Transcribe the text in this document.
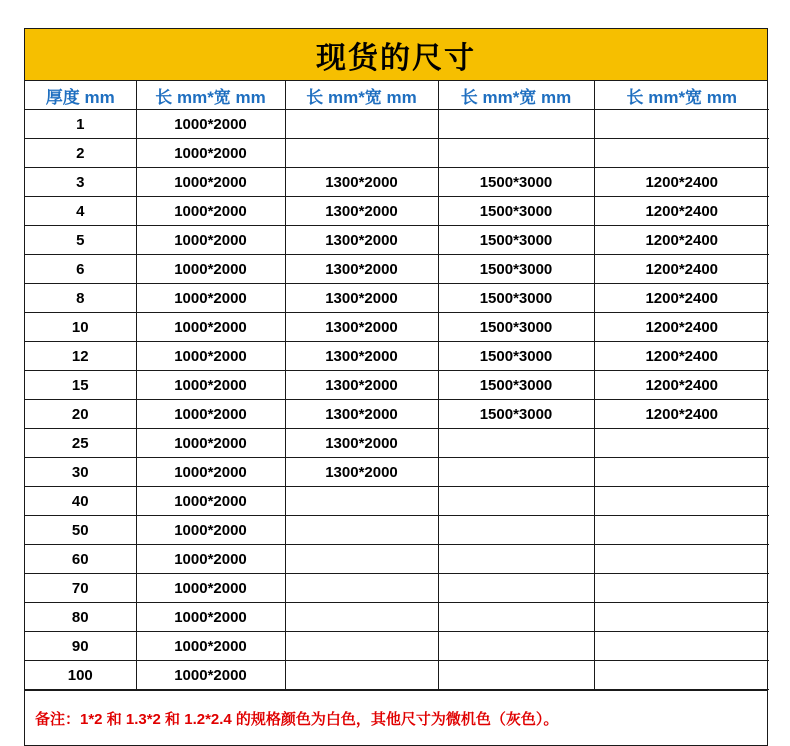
现货的尺寸
厚度 mm	长 mm*宽 mm	长 mm*宽 mm	长 mm*宽 mm	长 mm*宽 mm
1	1000*2000			
2	1000*2000			
3	1000*2000	1300*2000	1500*3000	1200*2400
4	1000*2000	1300*2000	1500*3000	1200*2400
5	1000*2000	1300*2000	1500*3000	1200*2400
6	1000*2000	1300*2000	1500*3000	1200*2400
8	1000*2000	1300*2000	1500*3000	1200*2400
10	1000*2000	1300*2000	1500*3000	1200*2400
12	1000*2000	1300*2000	1500*3000	1200*2400
15	1000*2000	1300*2000	1500*3000	1200*2400
20	1000*2000	1300*2000	1500*3000	1200*2400
25	1000*2000	1300*2000		
30	1000*2000	1300*2000		
40	1000*2000			
50	1000*2000			
60	1000*2000			
70	1000*2000			
80	1000*2000			
90	1000*2000			
100	1000*2000			
备注：1*2 和 1.3*2 和 1.2*2.4 的规格颜色为白色，其他尺寸为微机色（灰色）。
